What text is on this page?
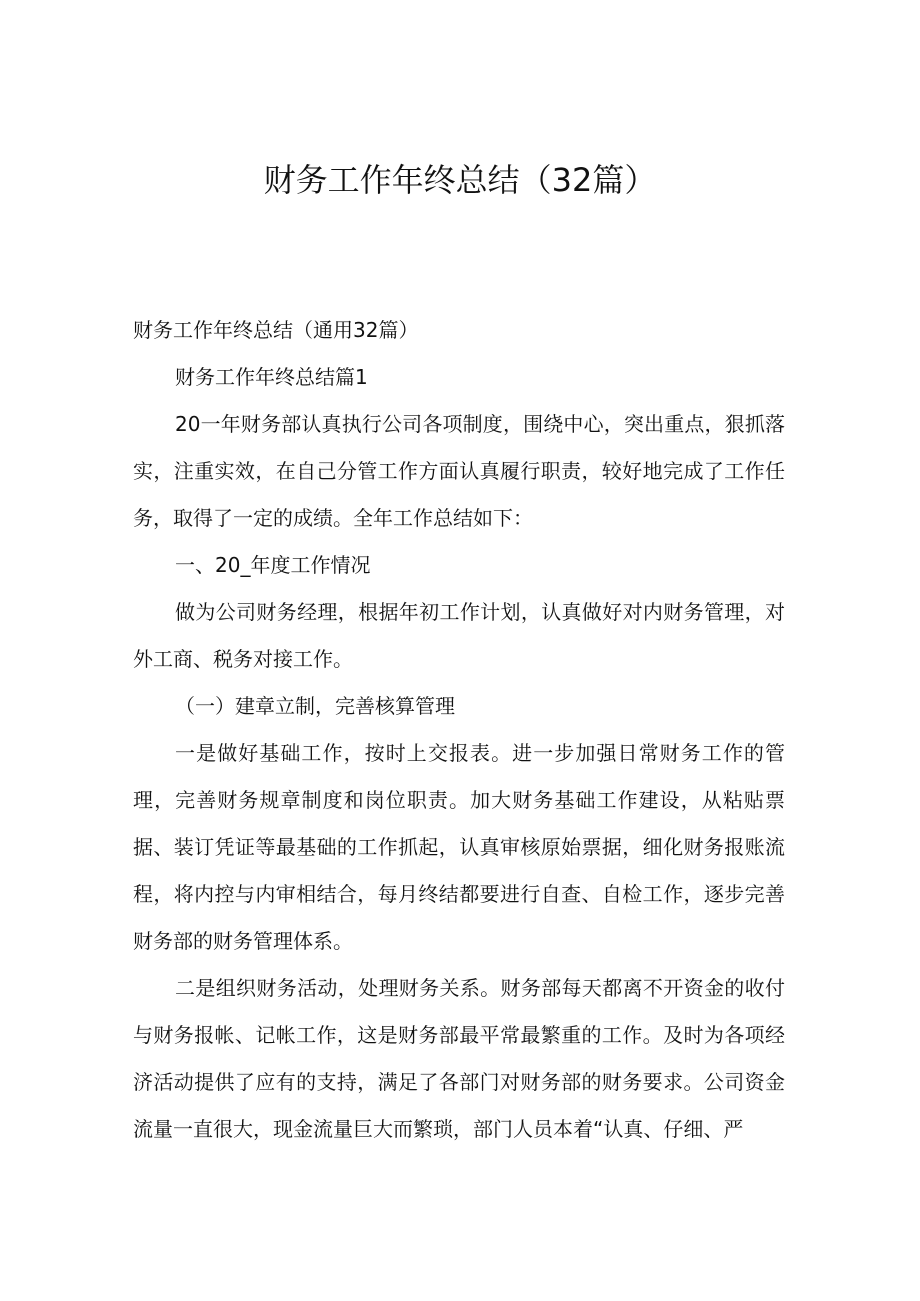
财务工作年终总结（32篇）

财务工作年终总结（通用32篇）

财务工作年终总结篇1

20一年财务部认真执行公司各项制度，围绕中心，突出重点，狠抓落实，注重实效，在自己分管工作方面认真履行职责，较好地完成了工作任务，取得了一定的成绩。全年工作总结如下：

一、20_年度工作情况

做为公司财务经理，根据年初工作计划，认真做好对内财务管理，对外工商、税务对接工作。

（一）建章立制，完善核算管理

一是做好基础工作，按时上交报表。进一步加强日常财务工作的管理，完善财务规章制度和岗位职责。加大财务基础工作建设，从粘贴票据、装订凭证等最基础的工作抓起，认真审核原始票据，细化财务报账流程，将内控与内审相结合，每月终结都要进行自查、自检工作，逐步完善财务部的财务管理体系。

二是组织财务活动，处理财务关系。财务部每天都离不开资金的收付与财务报帐、记帐工作，这是财务部最平常最繁重的工作。及时为各项经济活动提供了应有的支持，满足了各部门对财务部的财务要求。公司资金流量一直很大，现金流量巨大而繁琐，部门人员本着“认真、仔细、严
